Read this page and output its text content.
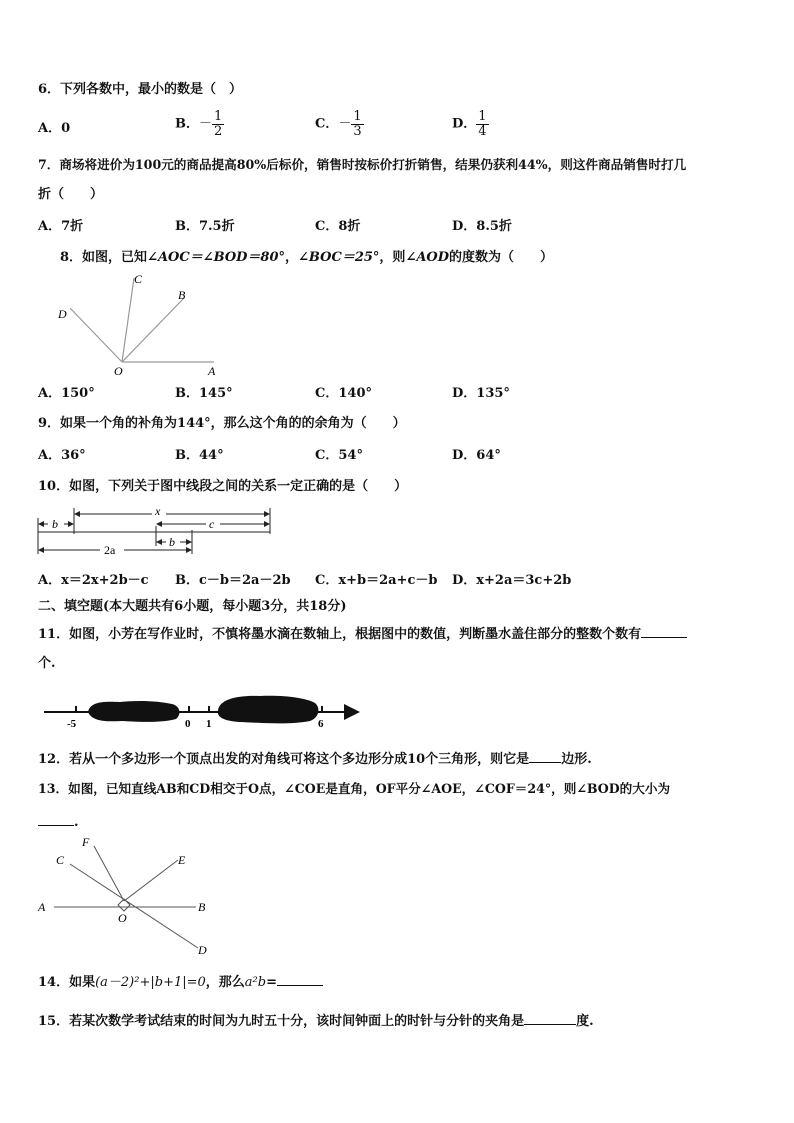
6．下列各数中，最小的数是（　）
A．0	B．－ $\frac{1}{2}$	C．－ $\frac{1}{3}$	D． $\frac{1}{4}$
7．商场将进价为100元的商品提高80%后标价，销售时按标价打折销售，结果仍获利44%，则这件商品销售时打几
折（　　）
A．7折	B．7.5折	C．8折	D．8.5折
8．如图，已知∠AOC＝∠BOD＝80°，∠BOC＝25°，则∠AOD的度数为（　　）
C
B
D
O	A
A．150°	B．145°	C．140°	D．135°
9．如果一个角的补角为144°，那么这个角的的余角为（　　）
A．36°	B．44°	C．54°	D．64°
10．如图，下列关于图中线段之间的关系一定正确的是（　　）
b
x
c
b
2a
A．x＝2x+2b－c B．c－b＝2a－2b C．x+b＝2a+c－b D．x+2a＝3c+2b
二、填空题(本大题共有6小题，每小题3分，共18分)
11．如图，小芳在写作业时，不慎将墨水滴在数轴上，根据图中的数值，判断墨水盖住部分的整数个数有
个.
-5	0 1	6
12．若从一个多边形一个顶点出发的对角线可将这个多边形分成10个三角形，则它是 边形.
13．如图，已知直线AB和CD相交于O点，∠COE是直角，OF平分∠AOE，∠COF＝24°，则∠BOD的大小为
.
F
C	E
A
O
B
D
14．如果(a－2)²+|b+1|=0，那么a²b=
15．若某次数学考试结束的时间为九时五十分，该时间钟面上的时针与分针的夹角是	度.
